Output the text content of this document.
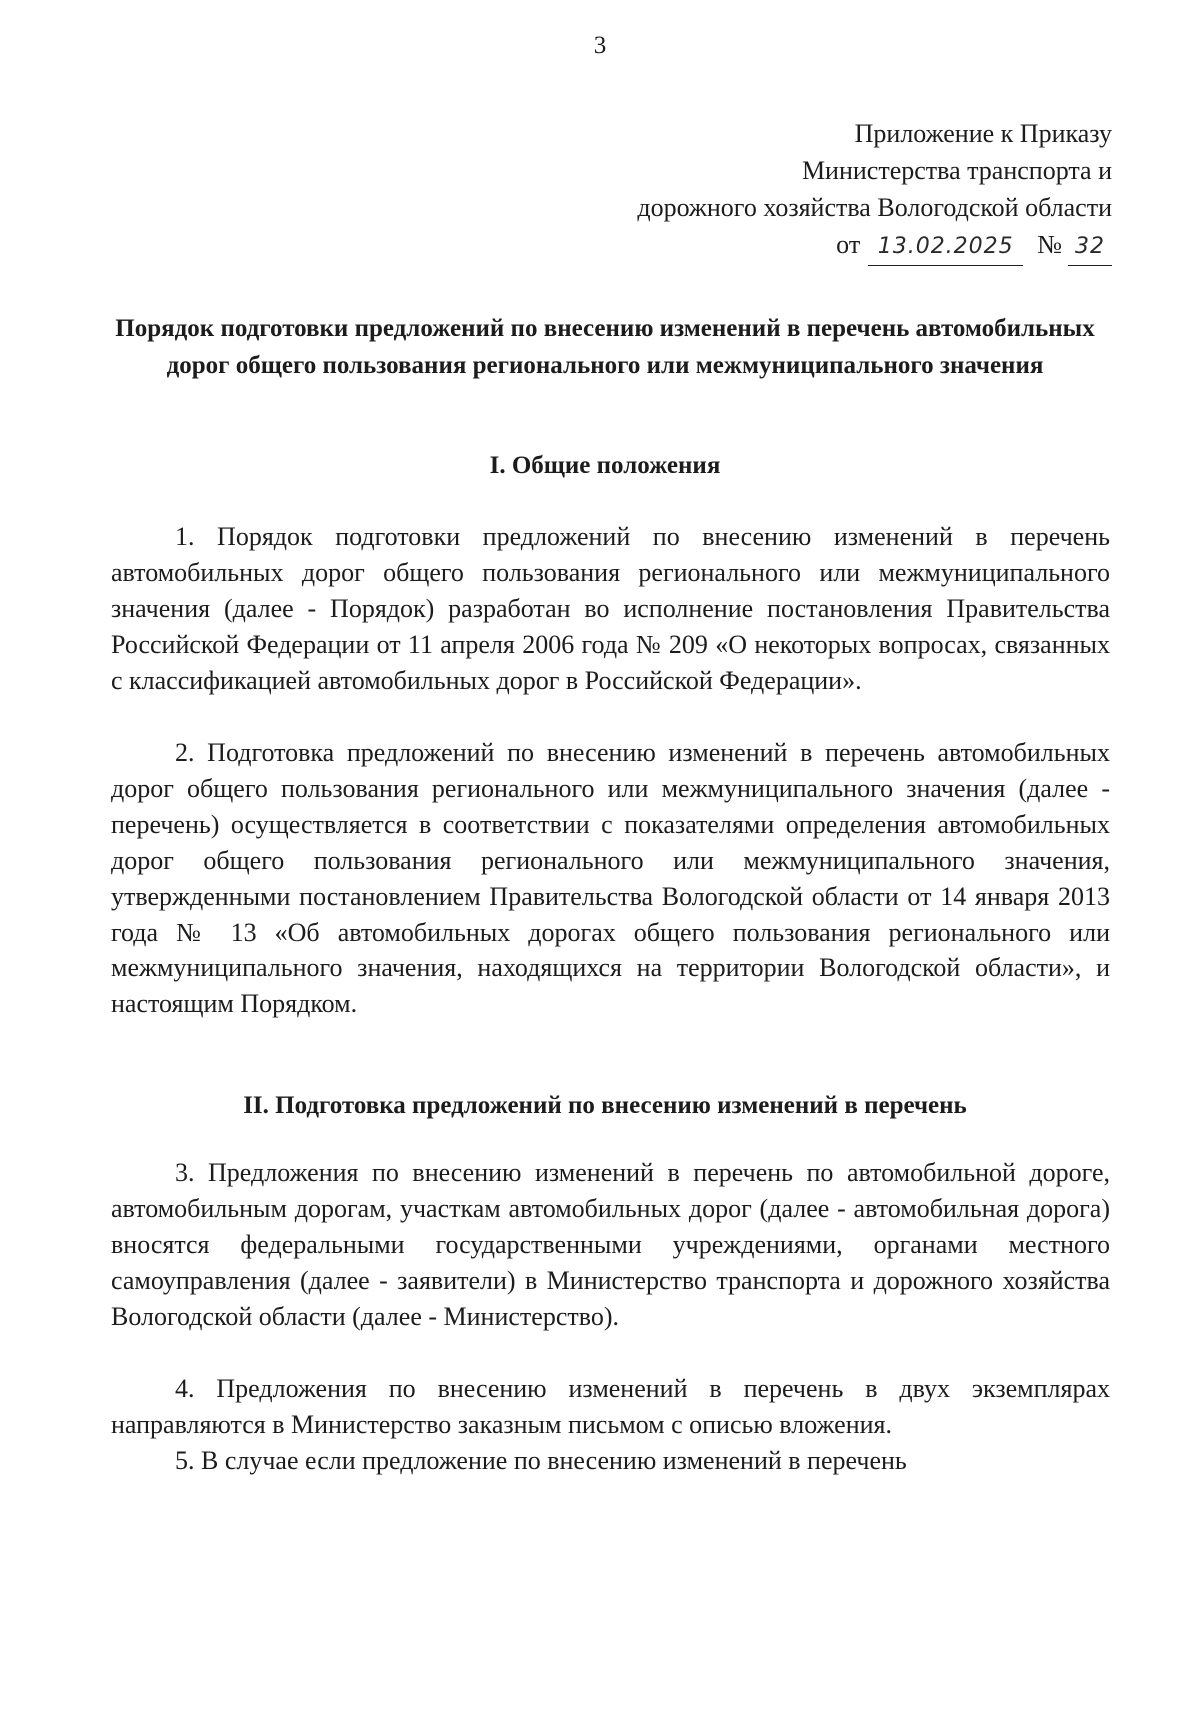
3
Приложение к Приказу
Министерства транспорта и
дорожного хозяйства Вологодской области
от 13.02.2025 № 32
Порядок подготовки предложений по внесению изменений в перечень автомобильных дорог общего пользования регионального или межмуниципального значения
I. Общие положения

1. Порядок подготовки предложений по внесению изменений в перечень автомобильных дорог общего пользования регионального или межмуниципального значения (далее - Порядок) разработан во исполнение постановления Правительства Российской Федерации от 11 апреля 2006 года № 209 «О некоторых вопросах, связанных с классификацией автомобильных дорог в Российской Федерации».

2. Подготовка предложений по внесению изменений в перечень автомобильных дорог общего пользования регионального или межмуниципального значения (далее - перечень) осуществляется в соответствии с показателями определения автомобильных дорог общего пользования регионального или межмуниципального значения, утвержденными постановлением Правительства Вологодской области от 14 января 2013 года № 13 «Об автомобильных дорогах общего пользования регионального или межмуниципального значения, находящихся на территории Вологодской области», и настоящим Порядком.

II. Подготовка предложений по внесению изменений в перечень

3. Предложения по внесению изменений в перечень по автомобильной дороге, автомобильным дорогам, участкам автомобильных дорог (далее - автомобильная дорога) вносятся федеральными государственными учреждениями, органами местного самоуправления (далее - заявители) в Министерство транспорта и дорожного хозяйства Вологодской области (далее - Министерство).

4. Предложения по внесению изменений в перечень в двух экземплярах направляются в Министерство заказным письмом с описью вложения.

5. В случае если предложение по внесению изменений в перечень
